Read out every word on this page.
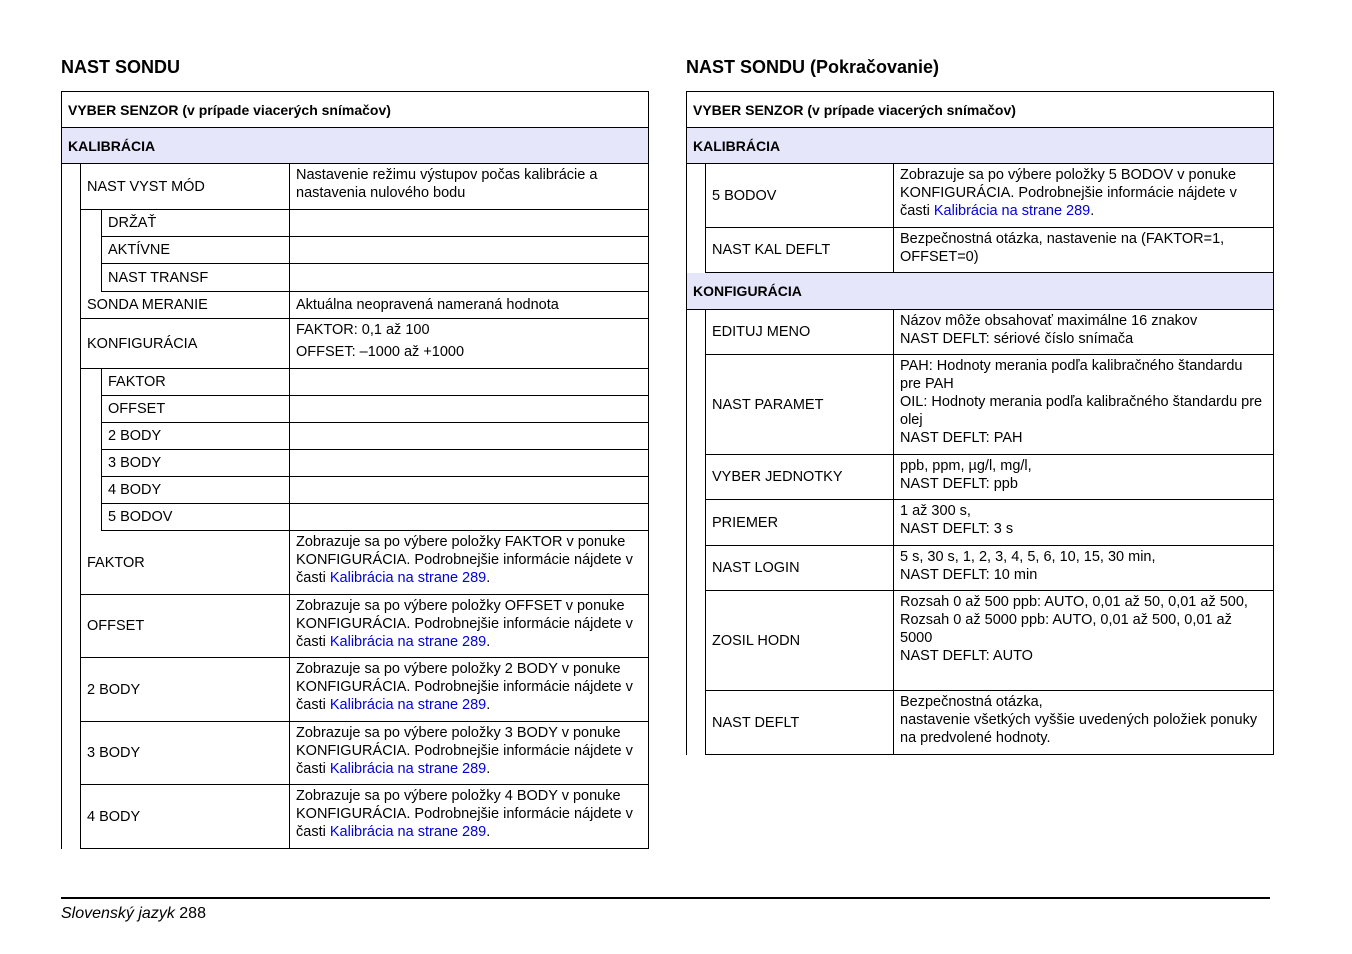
NAST SONDU
VYBER SENZOR (v prípade viacerých snímačov)
KALIBRÁCIA
NAST VYST MÓD
Nastavenie režimu výstupov počas kalibrácie a nastavenia nulového bodu
DRŽAŤ
AKTÍVNE
NAST TRANSF
SONDA MERANIE	Aktuálna neopravená nameraná hodnota
KONFIGURÁCIA
FAKTOR: 0,1 až 100
OFFSET: –1000 až +1000
FAKTOR
OFFSET
2 BODY
3 BODY
4 BODY
5 BODOV
FAKTOR
Zobrazuje sa po výbere položky FAKTOR v ponuke KONFIGURÁCIA. Podrobnejšie informácie nájdete v časti Kalibrácia na strane 289.
OFFSET
Zobrazuje sa po výbere položky OFFSET v ponuke KONFIGURÁCIA. Podrobnejšie informácie nájdete v časti Kalibrácia na strane 289.
2 BODY
Zobrazuje sa po výbere položky 2 BODY v ponuke KONFIGURÁCIA. Podrobnejšie informácie nájdete v časti Kalibrácia na strane 289.
3 BODY
Zobrazuje sa po výbere položky 3 BODY v ponuke KONFIGURÁCIA. Podrobnejšie informácie nájdete v časti Kalibrácia na strane 289.
4 BODY
Zobrazuje sa po výbere položky 4 BODY v ponuke KONFIGURÁCIA. Podrobnejšie informácie nájdete v časti Kalibrácia na strane 289.
NAST SONDU (Pokračovanie)
VYBER SENZOR (v prípade viacerých snímačov)
KALIBRÁCIA
5 BODOV
Zobrazuje sa po výbere položky 5 BODOV v ponuke KONFIGURÁCIA. Podrobnejšie informácie nájdete v časti Kalibrácia na strane 289.
NAST KAL DEFLT
Bezpečnostná otázka, nastavenie na (FAKTOR=1, OFFSET=0)
KONFIGURÁCIA
EDITUJ MENO
Názov môže obsahovať maximálne 16 znakov
NAST DEFLT: sériové číslo snímača
NAST PARAMET
PAH: Hodnoty merania podľa kalibračného štandardu pre PAH
OIL: Hodnoty merania podľa kalibračného štandardu pre olej
NAST DEFLT: PAH
VYBER JEDNOTKY
ppb, ppm, µg/l, mg/l,
NAST DEFLT: ppb
PRIEMER
1 až 300 s,
NAST DEFLT: 3 s
NAST LOGIN
5 s, 30 s, 1, 2, 3, 4, 5, 6, 10, 15, 30 min,
NAST DEFLT: 10 min
ZOSIL HODN
Rozsah 0 až 500 ppb: AUTO, 0,01 až 50, 0,01 až 500,
Rozsah 0 až 5000 ppb: AUTO, 0,01 až 500, 0,01 až 5000
NAST DEFLT: AUTO
NAST DEFLT
Bezpečnostná otázka,
nastavenie všetkých vyššie uvedených položiek ponuky na predvolené hodnoty.
Slovenský jazyk 288
